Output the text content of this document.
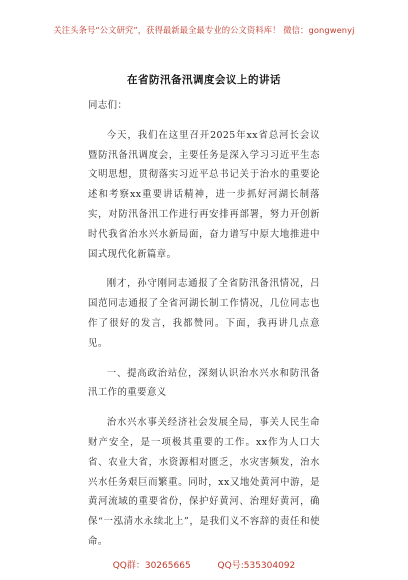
关注头条号“公文研究”，获得最新最全最专业的公文资料库！ 微信：gongwenyj
在省防汛备汛调度会议上的讲话

同志们：

今天，我们在这里召开2025年xx省总河长会议暨防汛备汛调度会，主要任务是深入学习习近平生态文明思想，贯彻落实习近平总书记关于治水的重要论述和考察xx重要讲话精神，进一步抓好河湖长制落实，对防汛备汛工作进行再安排再部署，努力开创新时代我省治水兴水新局面，奋力谱写中原大地推进中国式现代化新篇章。

刚才，孙守刚同志通报了全省防汛备汛情况，吕国范同志通报了全省河湖长制工作情况，几位同志也作了很好的发言，我都赞同。下面，我再讲几点意见。

一、提高政治站位，深刻认识治水兴水和防汛备汛工作的重要意义

治水兴水事关经济社会发展全局，事关人民生命财产安全，是一项极其重要的工作。xx作为人口大省、农业大省，水资源相对匮乏，水灾害频发，治水兴水任务艰巨而繁重。同时，xx又地处黄河中游，是黄河流域的重要省份，保护好黄河、治理好黄河，确保“一泓清水永续北上”，是我们义不容辞的责任和使命。

QQ群：30265665	QQ号:535304092
